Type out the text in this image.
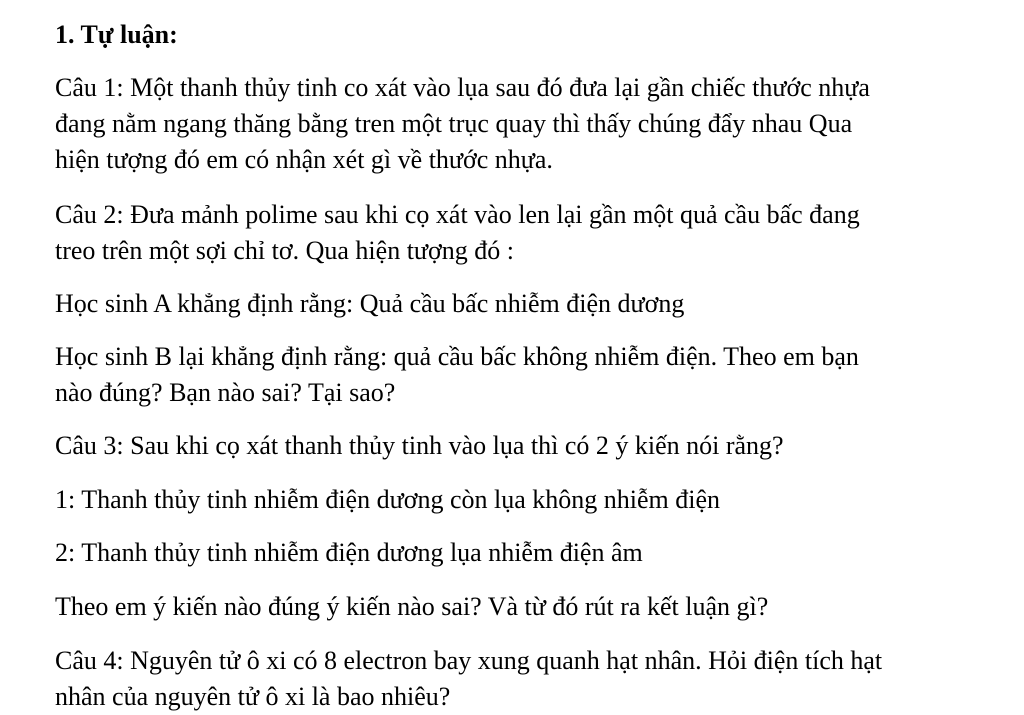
1. Tự luận:
Câu 1: Một thanh thủy tinh co xát vào lụa sau đó đưa lại gần chiếc thước nhựa
đang nằm ngang thăng bằng tren một trục quay thì thấy chúng đẩy nhau Qua
hiện tượng đó em có nhận xét gì về thước nhựa.
Câu 2: Đưa mảnh polime sau khi cọ xát vào len lại gần một quả cầu bấc đang
treo trên một sợi chỉ tơ. Qua hiện tượng đó :
Học sinh A khẳng định rằng: Quả cầu bấc nhiễm điện dương
Học sinh B lại khẳng định rằng: quả cầu bấc không nhiễm điện. Theo em bạn
nào đúng? Bạn nào sai? Tại sao?
Câu 3: Sau khi cọ xát thanh thủy tinh vào lụa thì có 2 ý kiến nói rằng?
1: Thanh thủy tinh nhiễm điện dương còn lụa không nhiễm điện
2: Thanh thủy tinh nhiễm điện dương lụa nhiễm điện âm
Theo em ý kiến nào đúng ý kiến nào sai? Và từ đó rút ra kết luận gì?
Câu 4: Nguyên tử ô xi có 8 electron bay xung quanh hạt nhân. Hỏi điện tích hạt
nhân của nguyên tử ô xi là bao nhiêu?
